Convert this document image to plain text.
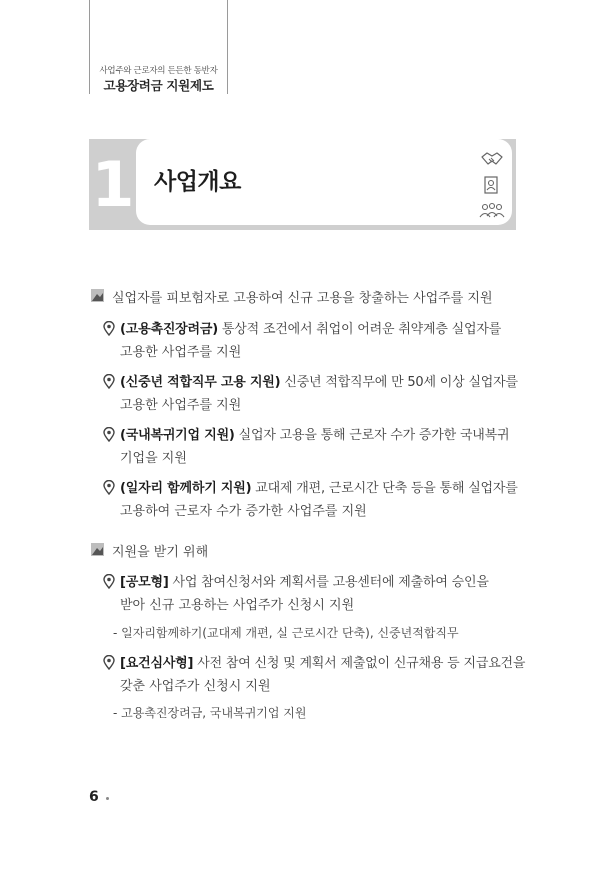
사업주와 근로자의 든든한 동반자
고용장려금 지원제도
1 사업개요
실업자를 피보험자로 고용하여 신규 고용을 창출하는 사업주를 지원
(고용촉진장려금) 통상적 조건에서 취업이 어려운 취약계층 실업자를
고용한 사업주를 지원
(신중년 적합직무 고용 지원) 신중년 적합직무에 만 50세 이상 실업자를
고용한 사업주를 지원
(국내복귀기업 지원) 실업자 고용을 통해 근로자 수가 증가한 국내복귀
기업을 지원
(일자리 함께하기 지원) 교대제 개편, 근로시간 단축 등을 통해 실업자를
고용하여 근로자 수가 증가한 사업주를 지원
지원을 받기 위해
[공모형] 사업 참여신청서와 계획서를 고용센터에 제출하여 승인을
받아 신규 고용하는 사업주가 신청시 지원
- 일자리함께하기(교대제 개편, 실 근로시간 단축), 신중년적합직무
[요건심사형] 사전 참여 신청 및 계획서 제출없이 신규채용 등 지급요건을
갖춘 사업주가 신청시 지원
- 고용촉진장려금, 국내복귀기업 지원
6
